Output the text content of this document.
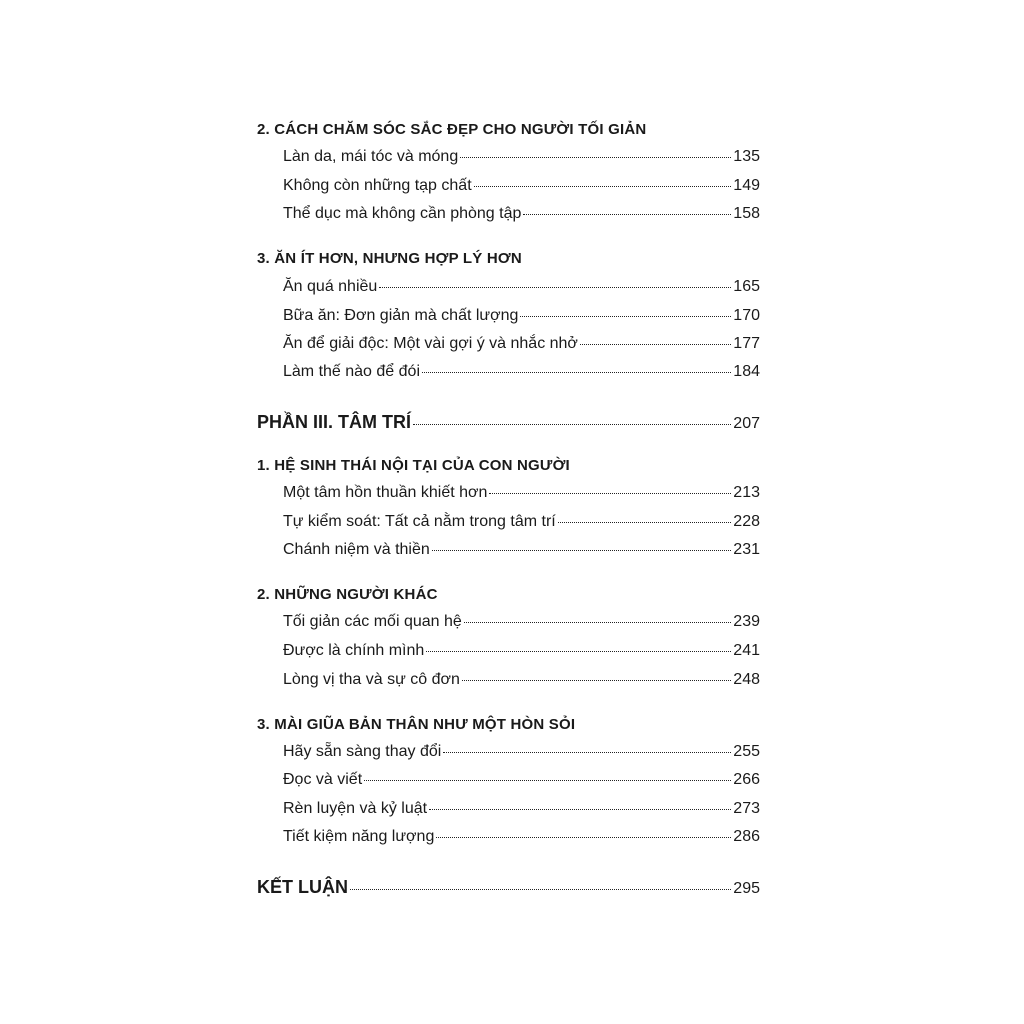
2. CÁCH CHĂM SÓC SẮC ĐẸP CHO NGƯỜI TỐI GIẢN
Làn da, mái tóc và móng	135
Không còn những tạp chất	149
Thể dục mà không cần phòng tập	158
3. ĂN ÍT HƠN, NHƯNG HỢP LÝ HƠN
Ăn quá nhiều	165
Bữa ăn: Đơn giản mà chất lượng	170
Ăn để giải độc: Một vài gợi ý và nhắc nhở	177
Làm thế nào để đói	184
PHẦN III. TÂM TRÍ	207
1. HỆ SINH THÁI NỘI TẠI CỦA CON NGƯỜI
Một tâm hồn thuần khiết hơn	213
Tự kiểm soát: Tất cả nằm trong tâm trí	228
Chánh niệm và thiền	231
2. NHỮNG NGƯỜI KHÁC
Tối giản các mối quan hệ	239
Được là chính mình	241
Lòng vị tha và sự cô đơn	248
3. MÀI GIŨA BẢN THÂN NHƯ MỘT HÒN SỎI
Hãy sẵn sàng thay đổi	255
Đọc và viết	266
Rèn luyện và kỷ luật	273
Tiết kiệm năng lượng	286
KẾT LUẬN	295
